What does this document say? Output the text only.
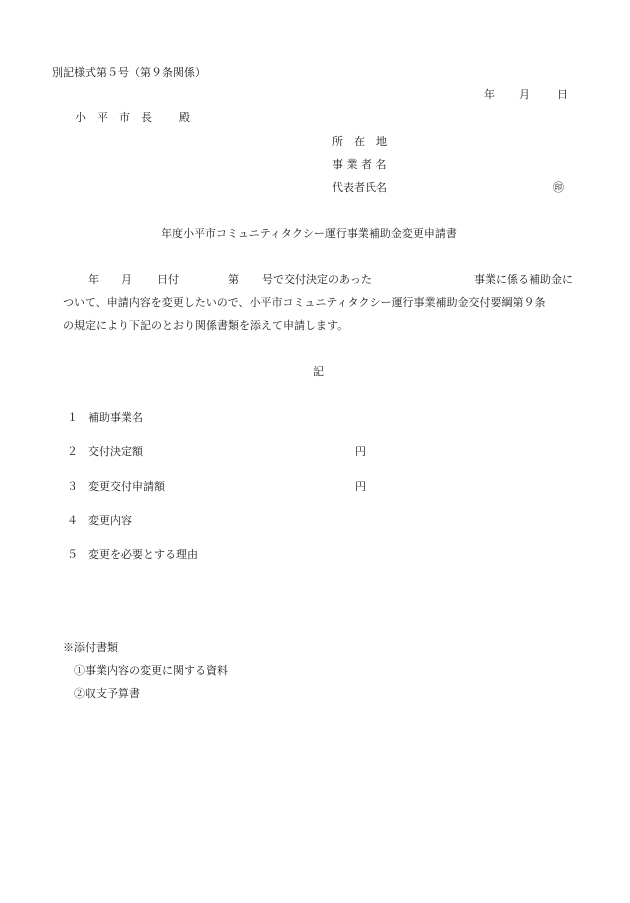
別記様式第５号（第９条関係）
年 月 日
小　平　市　長 殿
所　在　地
事 業 者 名
代表者氏名	㊞
年度小平市コミュニティタクシー運行事業補助金変更申請書
年 月 日付	第 号で交付決定のあった	事業に係る補助金に
ついて、申請内容を変更したいので、小平市コミュニティタクシー運行事業補助金交付要綱第９条
の規定により下記のとおり関係書類を添えて申請します。
記
１ 補助事業名
２ 交付決定額	円
３ 変更交付申請額	円
４ 変更内容
５ 変更を必要とする理由
※添付書類
①事業内容の変更に関する資料
②収支予算書
